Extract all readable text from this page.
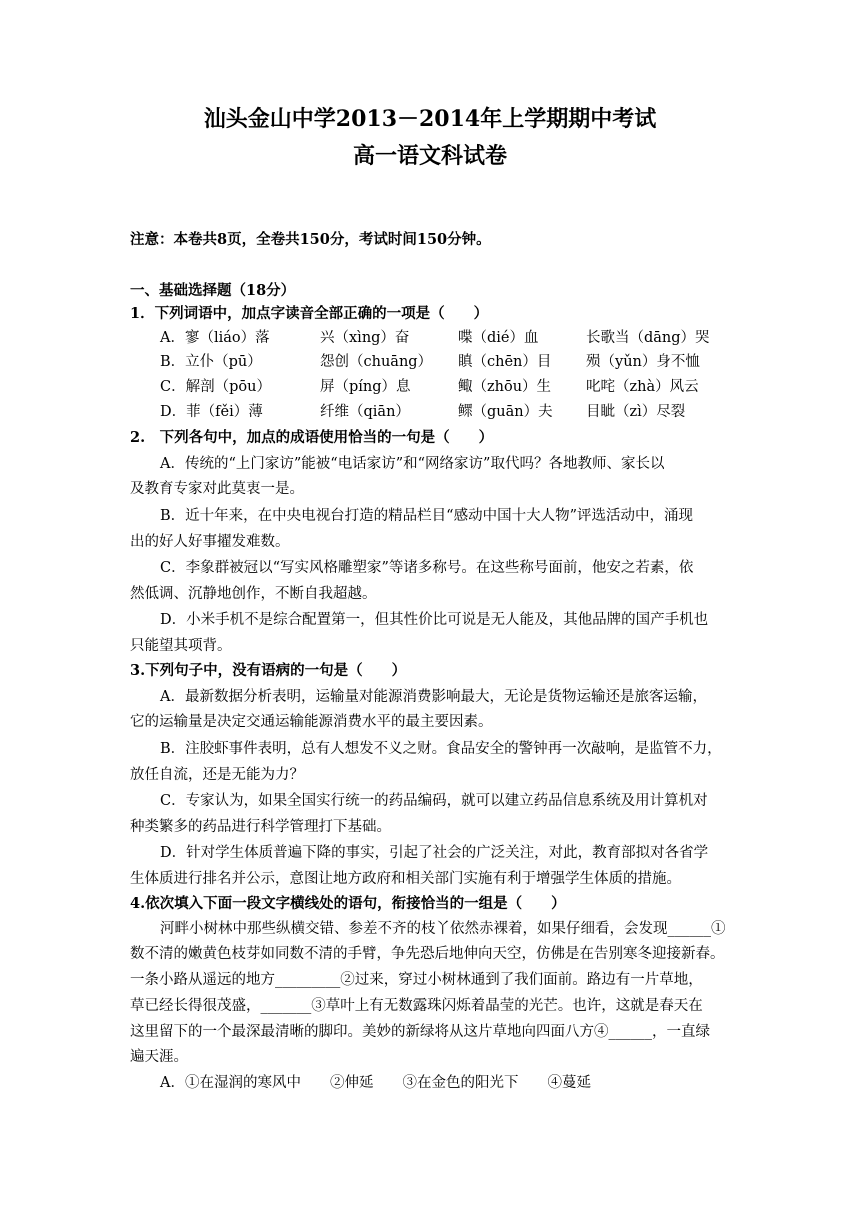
汕头金山中学2013－2014年上学期期中考试
高一语文科试卷
注意：本卷共8页，全卷共150分，考试时间150分钟。
一、基础选择题（18分）
1．下列词语中，加点字读音全部正确的一项是（　　）
A．寥（liáo）落	兴（xìng）奋	喋（dié）血	长歌当（dāng）哭
B．立仆（pū）	怨创（chuāng） 瞋（chēn）目 殒（yǔn）身不恤
C．解剖（pōu）	屏（píng）息	鲰（zhōu）生 叱咤（zhà）风云
D．菲（fěi）薄	纤维（qiān）	鳏（guān）夫 目眦（zì）尽裂
2.　下列各句中，加点的成语使用恰当的一句是（　　）
A．传统的“上门家访”能被“电话家访”和“网络家访”取代吗？各地教师、家长以
及教育专家对此莫衷一是。
B．近十年来，在中央电视台打造的精品栏目“感动中国十大人物”评选活动中，涌现
出的好人好事擢发难数。
C．李象群被冠以“写实风格雕塑家”等诸多称号。在这些称号面前，他安之若素，依
然低调、沉静地创作，不断自我超越。
D．小米手机不是综合配置第一，但其性价比可说是无人能及，其他品牌的国产手机也
只能望其项背。
3.下列句子中，没有语病的一句是（　　）
A．最新数据分析表明，运输量对能源消费影响最大，无论是货物运输还是旅客运输，
它的运输量是决定交通运输能源消费水平的最主要因素。
B．注胶虾事件表明，总有人想发不义之财。食品安全的警钟再一次敲响，是监管不力，
放任自流，还是无能为力？
C．专家认为，如果全国实行统一的药品编码，就可以建立药品信息系统及用计算机对
种类繁多的药品进行科学管理打下基础。
D．针对学生体质普遍下降的事实，引起了社会的广泛关注，对此，教育部拟对各省学
生体质进行排名并公示，意图让地方政府和相关部门实施有利于增强学生体质的措施。
4.依次填入下面一段文字横线处的语句，衔接恰当的一组是（　　）
河畔小树林中那些纵横交错、参差不齐的枝丫依然赤裸着，如果仔细看，会发现______①
数不清的嫩黄色枝芽如同数不清的手臂，争先恐后地伸向天空，仿佛是在告别寒冬迎接新春。
一条小路从遥远的地方_________②过来，穿过小树林通到了我们面前。路边有一片草地，
草已经长得很茂盛，_______③草叶上有无数露珠闪烁着晶莹的光芒。也许，这就是春天在
这里留下的一个最深最清晰的脚印。美妙的新绿将从这片草地向四面八方④______，一直绿
遍天涯。
A．①在湿润的寒风中　　②伸延　　③在金色的阳光下　　④蔓延
